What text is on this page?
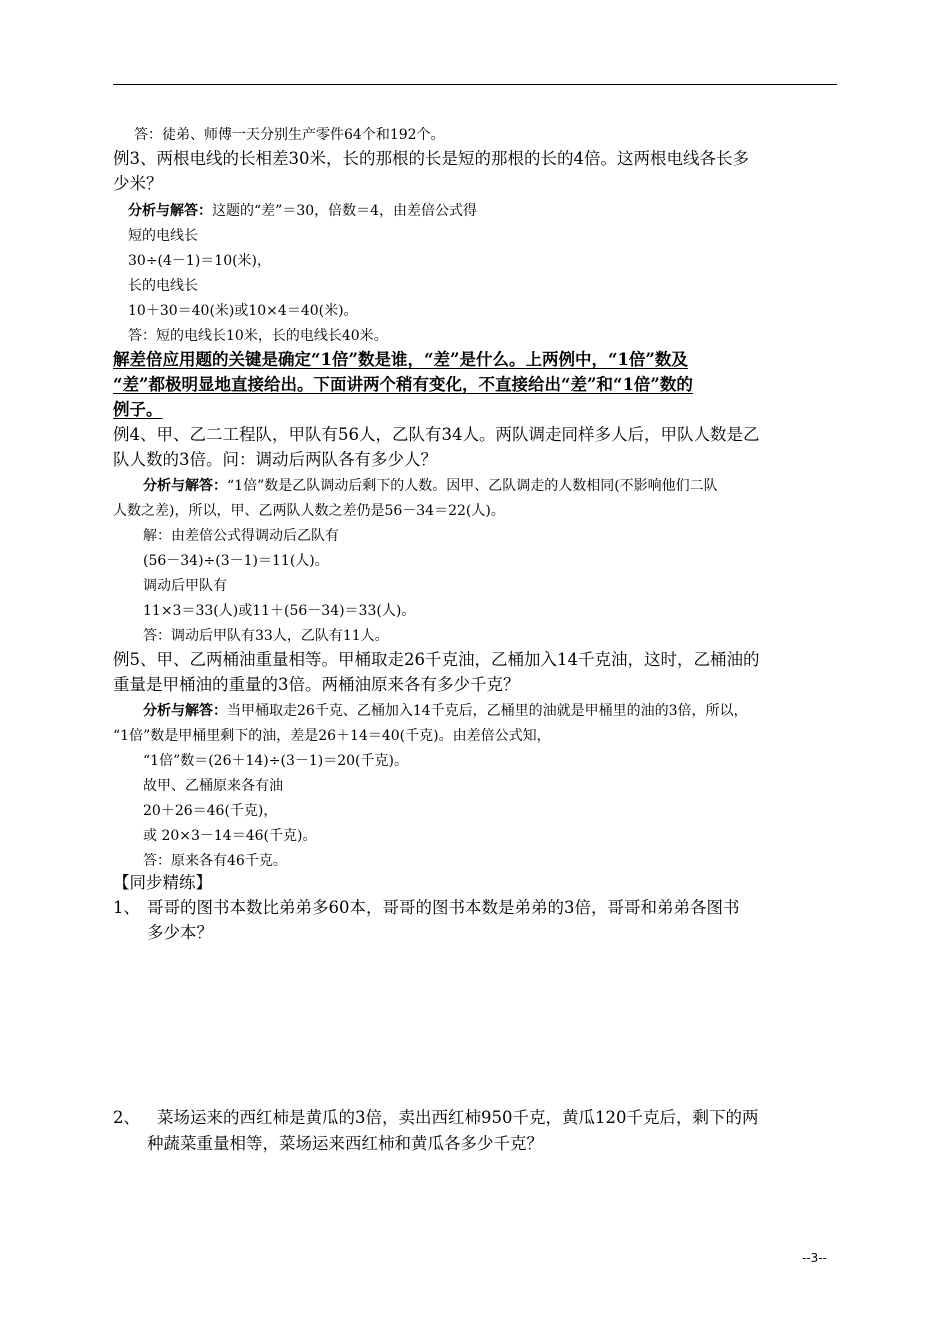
答：徒弟、师傅一天分别生产零件64个和192个。
例3、两根电线的长相差30米，长的那根的长是短的那根的长的4倍。这两根电线各长多
少米？
分析与解答：这题的“差”＝30，倍数＝4，由差倍公式得
短的电线长
30÷(4－1)＝10(米)，
长的电线长
10＋30＝40(米)或10×4＝40(米)。
答：短的电线长10米，长的电线长40米。
解差倍应用题的关键是确定“1倍”数是谁，“差”是什么。上两例中，“1倍”数及
“差”都极明显地直接给出。下面讲两个稍有变化，不直接给出“差”和“1倍”数的
例子。
例4、甲、乙二工程队，甲队有56人，乙队有34人。两队调走同样多人后，甲队人数是乙
队人数的3倍。问：调动后两队各有多少人？
分析与解答：“1倍”数是乙队调动后剩下的人数。因甲、乙队调走的人数相同(不影响他们二队
人数之差)，所以，甲、乙两队人数之差仍是56－34＝22(人)。
解：由差倍公式得调动后乙队有
(56－34)÷(3－1)＝11(人)。
调动后甲队有
11×3＝33(人)或11＋(56－34)＝33(人)。
答：调动后甲队有33人，乙队有11人。
例5、甲、乙两桶油重量相等。甲桶取走26千克油，乙桶加入14千克油，这时，乙桶油的
重量是甲桶油的重量的3倍。两桶油原来各有多少千克？
分析与解答：当甲桶取走26千克、乙桶加入14千克后，乙桶里的油就是甲桶里的油的3倍，所以，
“1倍”数是甲桶里剩下的油，差是26＋14＝40(千克)。由差倍公式知，
“1倍”数＝(26＋14)÷(3－1)＝20(千克)。
故甲、乙桶原来各有油
20＋26＝46(千克)，
或 20×3－14＝46(千克)。
答：原来各有46千克。
【同步精练】
1、 哥哥的图书本数比弟弟多60本，哥哥的图书本数是弟弟的3倍，哥哥和弟弟各图书
多少本？
2、 菜场运来的西红柿是黄瓜的3倍，卖出西红柿950千克，黄瓜120千克后，剩下的两
种蔬菜重量相等，菜场运来西红柿和黄瓜各多少千克？
--3--
